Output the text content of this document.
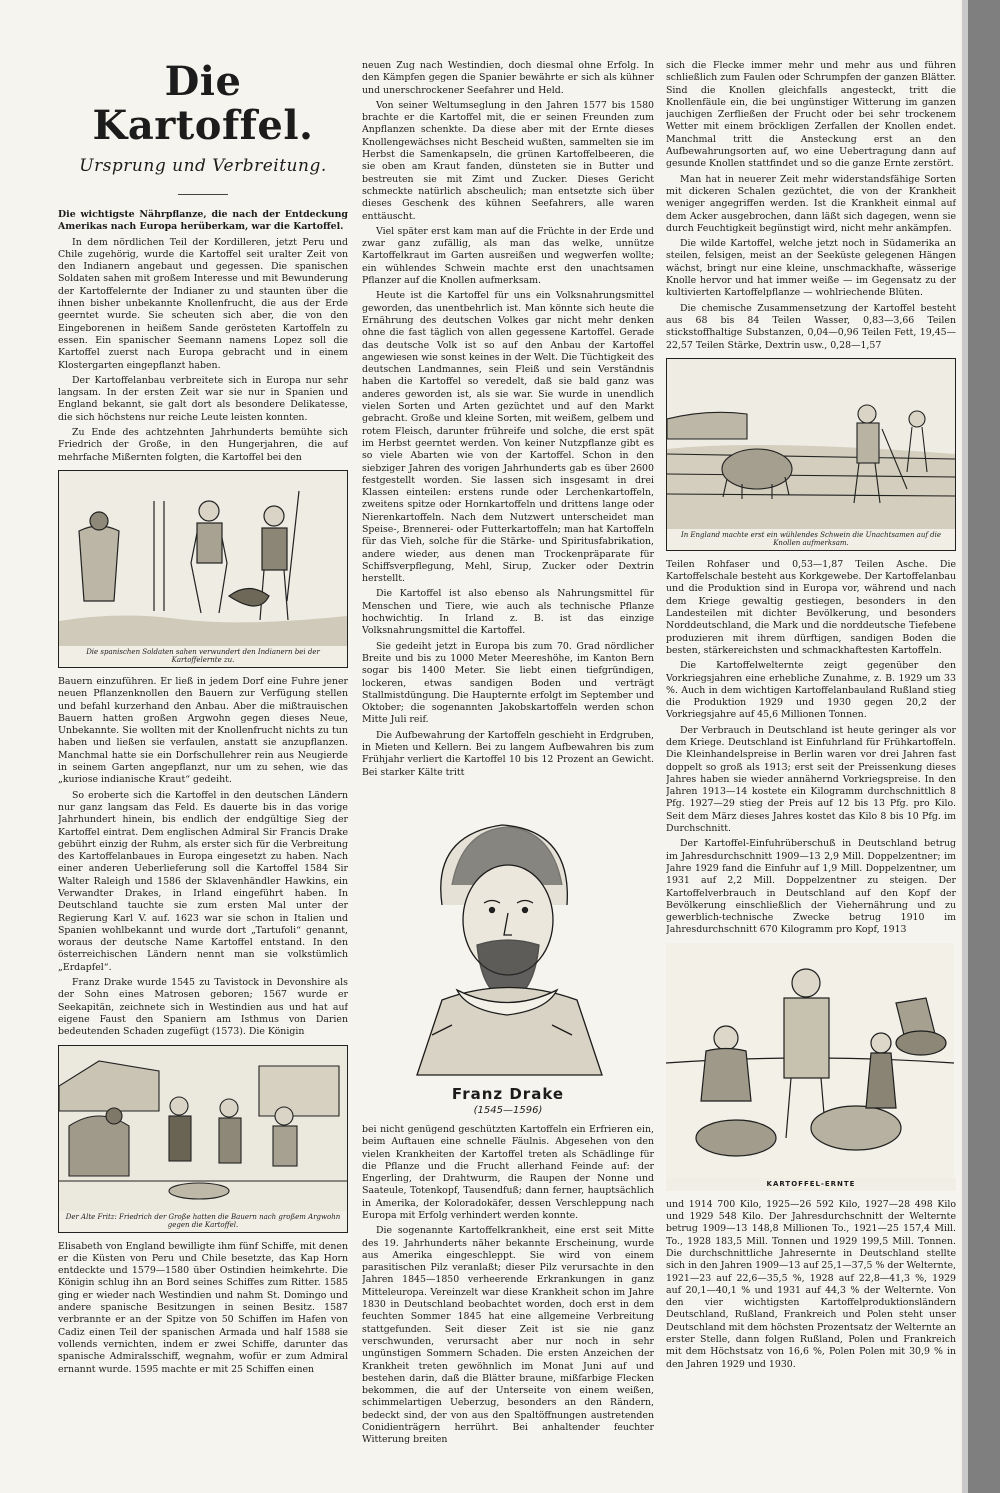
Die Kartoffel.
Ursprung und Verbreitung.

Die wichtigste Nährpflanze, die nach der Entdeckung Amerikas nach Europa herüberkam, war die Kartoffel.

In dem nördlichen Teil der Kordilleren, jetzt Peru und Chile zugehörig, wurde die Kartoffel seit uralter Zeit von den Indianern angebaut und gegessen. Die spanischen Soldaten sahen mit großem Interesse und mit Bewunderung der Kartoffelernte der Indianer zu und staunten über die ihnen bisher unbekannte Knollenfrucht, die aus der Erde geerntet wurde. Sie scheuten sich aber, die von den Eingeborenen in heißem Sande gerösteten Kartoffeln zu essen. Ein spanischer Seemann namens Lopez soll die Kartoffel zuerst nach Europa gebracht und in einem Klostergarten eingepflanzt haben.

Der Kartoffelanbau verbreitete sich in Europa nur sehr langsam. In der ersten Zeit war sie nur in Spanien und England bekannt, sie galt dort als besondere Delikatesse, die sich höchstens nur reiche Leute leisten konnten.

Zu Ende des achtzehnten Jahrhunderts bemühte sich Friedrich der Große, in den Hungerjahren, die auf mehrfache Mißernten folgten, die Kartoffel bei den

Die spanischen Soldaten sahen verwundert den Indianern bei der Kartoffelernte zu.

Bauern einzuführen. Er ließ in jedem Dorf eine Fuhre jener neuen Pflanzenknollen den Bauern zur Verfügung stellen und befahl kurzerhand den Anbau. Aber die mißtrauischen Bauern hatten großen Argwohn gegen dieses Neue, Unbekannte. Sie wollten mit der Knollenfrucht nichts zu tun haben und ließen sie verfaulen, anstatt sie anzupflanzen. Manchmal hatte sie ein Dorfschullehrer rein aus Neugierde in seinem Garten angepflanzt, nur um zu sehen, wie das „kuriose indianische Kraut“ gedeiht.

So eroberte sich die Kartoffel in den deutschen Ländern nur ganz langsam das Feld. Es dauerte bis in das vorige Jahrhundert hinein, bis endlich der endgültige Sieg der Kartoffel eintrat. Dem englischen Admiral Sir Francis Drake gebührt einzig der Ruhm, als erster sich für die Verbreitung des Kartoffelanbaues in Europa eingesetzt zu haben. Nach einer anderen Ueberlieferung soll die Kartoffel 1584 Sir Walter Raleigh und 1586 der Sklavenhändler Hawkins, ein Verwandter Drakes, in Irland eingeführt haben. In Deutschland tauchte sie zum ersten Mal unter der Regierung Karl V. auf. 1623 war sie schon in Italien und Spanien wohlbekannt und wurde dort „Tartufoli“ genannt, woraus der deutsche Name Kartoffel entstand. In den österreichischen Ländern nennt man sie volkstümlich „Erdapfel“.

Franz Drake wurde 1545 zu Tavistock in Devonshire als der Sohn eines Matrosen geboren; 1567 wurde er Seekapitän, zeichnete sich in Westindien aus und hat auf eigene Faust den Spaniern am Isthmus von Darien bedeutenden Schaden zugefügt (1573). Die Königin

Der Alte Fritz: Friedrich der Große hatten die Bauern nach großem Argwohn gegen die Kartoffel.

Elisabeth von England bewilligte ihm fünf Schiffe, mit denen er die Küsten von Peru und Chile besetzte, das Kap Horn entdeckte und 1579—1580 über Ostindien heimkehrte. Die Königin schlug ihn an Bord seines Schiffes zum Ritter. 1585 ging er wieder nach Westindien und nahm St. Domingo und andere spanische Besitzungen in seinen Besitz. 1587 verbrannte er an der Spitze von 50 Schiffen im Hafen von Cadiz einen Teil der spanischen Armada und half 1588 sie vollends vernichten, indem er zwei Schiffe, darunter das spanische Admiralsschiff, wegnahm, wofür er zum Admiral ernannt wurde. 1595 machte er mit 25 Schiffen einen

neuen Zug nach Westindien, doch diesmal ohne Erfolg. In den Kämpfen gegen die Spanier bewährte er sich als kühner und unerschrockener Seefahrer und Held.

Von seiner Weltumseglung in den Jahren 1577 bis 1580 brachte er die Kartoffel mit, die er seinen Freunden zum Anpflanzen schenkte. Da diese aber mit der Ernte dieses Knollengewächses nicht Bescheid wußten, sammelten sie im Herbst die Samenkapseln, die grünen Kartoffelbeeren, die sie oben am Kraut fanden, dünsteten sie in Butter und bestreuten sie mit Zimt und Zucker. Dieses Gericht schmeckte natürlich abscheulich; man entsetzte sich über dieses Geschenk des kühnen Seefahrers, alle waren enttäuscht.

Viel später erst kam man auf die Früchte in der Erde und zwar ganz zufällig, als man das welke, unnütze Kartoffelkraut im Garten ausreißen und wegwerfen wollte; ein wühlendes Schwein machte erst den unachtsamen Pflanzer auf die Knollen aufmerksam.

Heute ist die Kartoffel für uns ein Volksnahrungsmittel geworden, das unentbehrlich ist. Man könnte sich heute die Ernährung des deutschen Volkes gar nicht mehr denken ohne die fast täglich von allen gegessene Kartoffel. Gerade das deutsche Volk ist so auf den Anbau der Kartoffel angewiesen wie sonst keines in der Welt. Die Tüchtigkeit des deutschen Landmannes, sein Fleiß und sein Verständnis haben die Kartoffel so veredelt, daß sie bald ganz was anderes geworden ist, als sie war. Sie wurde in unendlich vielen Sorten und Arten gezüchtet und auf den Markt gebracht. Große und kleine Sorten, mit weißem, gelbem und rotem Fleisch, darunter frühreife und solche, die erst spät im Herbst geerntet werden. Von keiner Nutzpflanze gibt es so viele Abarten wie von der Kartoffel. Schon in den siebziger Jahren des vorigen Jahrhunderts gab es über 2600 festgestellt worden. Sie lassen sich insgesamt in drei Klassen einteilen: erstens runde oder Lerchenkartoffeln, zweitens spitze oder Hornkartoffeln und drittens lange oder Nierenkartoffeln. Nach dem Nutzwert unterscheidet man Speise-, Brennerei- oder Futterkartoffeln; man hat Kartoffeln für das Vieh, solche für die Stärke- und Spiritusfabrikation, andere wieder, aus denen man Trockenpräparate für Schiffsverpflegung, Mehl, Sirup, Zucker oder Dextrin herstellt.

Die Kartoffel ist also ebenso als Nahrungsmittel für Menschen und Tiere, wie auch als technische Pflanze hochwichtig. In Irland z. B. ist das einzige Volksnahrungsmittel die Kartoffel.

Sie gedeiht jetzt in Europa bis zum 70. Grad nördlicher Breite und bis zu 1000 Meter Meereshöhe, im Kanton Bern sogar bis 1400 Meter. Sie liebt einen tiefgründigen, lockeren, etwas sandigen Boden und verträgt Stallmistdüngung. Die Haupternte erfolgt im September und Oktober; die sogenannten Jakobskartoffeln werden schon Mitte Juli reif.

Die Aufbewahrung der Kartoffeln geschieht in Erdgruben, in Mieten und Kellern. Bei zu langem Aufbewahren bis zum Frühjahr verliert die Kartoffel 10 bis 12 Prozent an Gewicht. Bei starker Kälte tritt

Franz Drake
(1545—1596)

bei nicht genügend geschützten Kartoffeln ein Erfrieren ein, beim Auftauen eine schnelle Fäulnis. Abgesehen von den vielen Krankheiten der Kartoffel treten als Schädlinge für die Pflanze und die Frucht allerhand Feinde auf: der Engerling, der Drahtwurm, die Raupen der Nonne und Saateule, Totenkopf, Tausendfuß; dann ferner, hauptsächlich in Amerika, der Koloradokäfer, dessen Verschleppung nach Europa mit Erfolg verhindert werden konnte.

Die sogenannte Kartoffelkrankheit, eine erst seit Mitte des 19. Jahrhunderts näher bekannte Erscheinung, wurde aus Amerika eingeschleppt. Sie wird von einem parasitischen Pilz veranlaßt; dieser Pilz verursachte in den Jahren 1845—1850 verheerende Erkrankungen in ganz Mitteleuropa. Vereinzelt war diese Krankheit schon im Jahre 1830 in Deutschland beobachtet worden, doch erst in dem feuchten Sommer 1845 hat eine allgemeine Verbreitung stattgefunden. Seit dieser Zeit ist sie nie ganz verschwunden, verursacht aber nur noch in sehr ungünstigen Sommern Schaden. Die ersten Anzeichen der Krankheit treten gewöhnlich im Monat Juni auf und bestehen darin, daß die Blätter braune, mißfarbige Flecken bekommen, die auf der Unterseite von einem weißen, schimmelartigen Ueberzug, besonders an den Rändern, bedeckt sind, der von aus den Spaltöffnungen austretenden Conidienträgern herrührt. Bei anhaltender feuchter Witterung breiten

sich die Flecke immer mehr und mehr aus und führen schließlich zum Faulen oder Schrumpfen der ganzen Blätter. Sind die Knollen gleichfalls angesteckt, tritt die Knollenfäule ein, die bei ungünstiger Witterung im ganzen jauchigen Zerfließen der Frucht oder bei sehr trockenem Wetter mit einem bröckligen Zerfallen der Knollen endet. Manchmal tritt die Ansteckung erst an den Aufbewahrungsorten auf, wo eine Uebertragung dann auf gesunde Knollen stattfindet und so die ganze Ernte zerstört.

Man hat in neuerer Zeit mehr widerstandsfähige Sorten mit dickeren Schalen gezüchtet, die von der Krankheit weniger angegriffen werden. Ist die Krankheit einmal auf dem Acker ausgebrochen, dann läßt sich dagegen, wenn sie durch Feuchtigkeit begünstigt wird, nicht mehr ankämpfen.

Die wilde Kartoffel, welche jetzt noch in Südamerika an steilen, felsigen, meist an der Seeküste gelegenen Hängen wächst, bringt nur eine kleine, unschmackhafte, wässerige Knolle hervor und hat immer weiße — im Gegensatz zu der kultivierten Kartoffelpflanze — wohlriechende Blüten.

Die chemische Zusammensetzung der Kartoffel besteht aus 68 bis 84 Teilen Wasser, 0,83—3,66 Teilen stickstoffhaltige Substanzen, 0,04—0,96 Teilen Fett, 19,45—22,57 Teilen Stärke, Dextrin usw., 0,28—1,57

In England machte erst ein wühlendes Schwein die Unachtsamen auf die Knollen aufmerksam.

Teilen Rohfaser und 0,53—1,87 Teilen Asche. Die Kartoffelschale besteht aus Korkgewebe. Der Kartoffelanbau und die Produktion sind in Europa vor, während und nach dem Kriege gewaltig gestiegen, besonders in den Landesteilen mit dichter Bevölkerung, und besonders Norddeutschland, die Mark und die norddeutsche Tiefebene produzieren mit ihrem dürftigen, sandigen Boden die besten, stärkereichsten und schmackhaftesten Kartoffeln.

Die Kartoffelwelternte zeigt gegenüber den Vorkriegsjahren eine erhebliche Zunahme, z. B. 1929 um 33 %. Auch in dem wichtigen Kartoffelanbauland Rußland stieg die Produktion 1929 und 1930 gegen 20,2 der Vorkriegsjahre auf 45,6 Millionen Tonnen.

Der Verbrauch in Deutschland ist heute geringer als vor dem Kriege. Deutschland ist Einfuhrland für Frühkartoffeln. Die Kleinhandelspreise in Berlin waren vor drei Jahren fast doppelt so groß als 1913; erst seit der Preissenkung dieses Jahres haben sie wieder annähernd Vorkriegspreise. In den Jahren 1913—14 kostete ein Kilogramm durchschnittlich 8 Pfg. 1927—29 stieg der Preis auf 12 bis 13 Pfg. pro Kilo. Seit dem März dieses Jahres kostet das Kilo 8 bis 10 Pfg. im Durchschnitt.

Der Kartoffel-Einfuhrüberschuß in Deutschland betrug im Jahresdurchschnitt 1909—13 2,9 Mill. Doppelzentner; im Jahre 1929 fand die Einfuhr auf 1,9 Mill. Doppelzentner, um 1931 auf 2,2 Mill. Doppelzentner zu steigen. Der Kartoffelverbrauch in Deutschland auf den Kopf der Bevölkerung einschließlich der Viehernährung und zu gewerblich-technische Zwecke betrug 1910 im Jahresdurchschnitt 670 Kilogramm pro Kopf, 1913

KARTOFFEL-ERNTE

und 1914 700 Kilo, 1925—26 592 Kilo, 1927—28 498 Kilo und 1929 548 Kilo. Der Jahresdurchschnitt der Welternte betrug 1909—13 148,8 Millionen To., 1921—25 157,4 Mill. To., 1928 183,5 Mill. Tonnen und 1929 199,5 Mill. Tonnen. Die durchschnittliche Jahresernte in Deutschland stellte sich in den Jahren 1909—13 auf 25,1—37,5 % der Welternte, 1921—23 auf 22,6—35,5 %, 1928 auf 22,8—41,3 %, 1929 auf 20,1—40,1 % und 1931 auf 44,3 % der Welternte. Von den vier wichtigsten Kartoffelproduktionsländern Deutschland, Rußland, Frankreich und Polen steht unser Deutschland mit dem höchsten Prozentsatz der Welternte an erster Stelle, dann folgen Rußland, Polen und Frankreich mit dem Höchstsatz von 16,6 %, Polen Polen mit 30,9 % in den Jahren 1929 und 1930.
